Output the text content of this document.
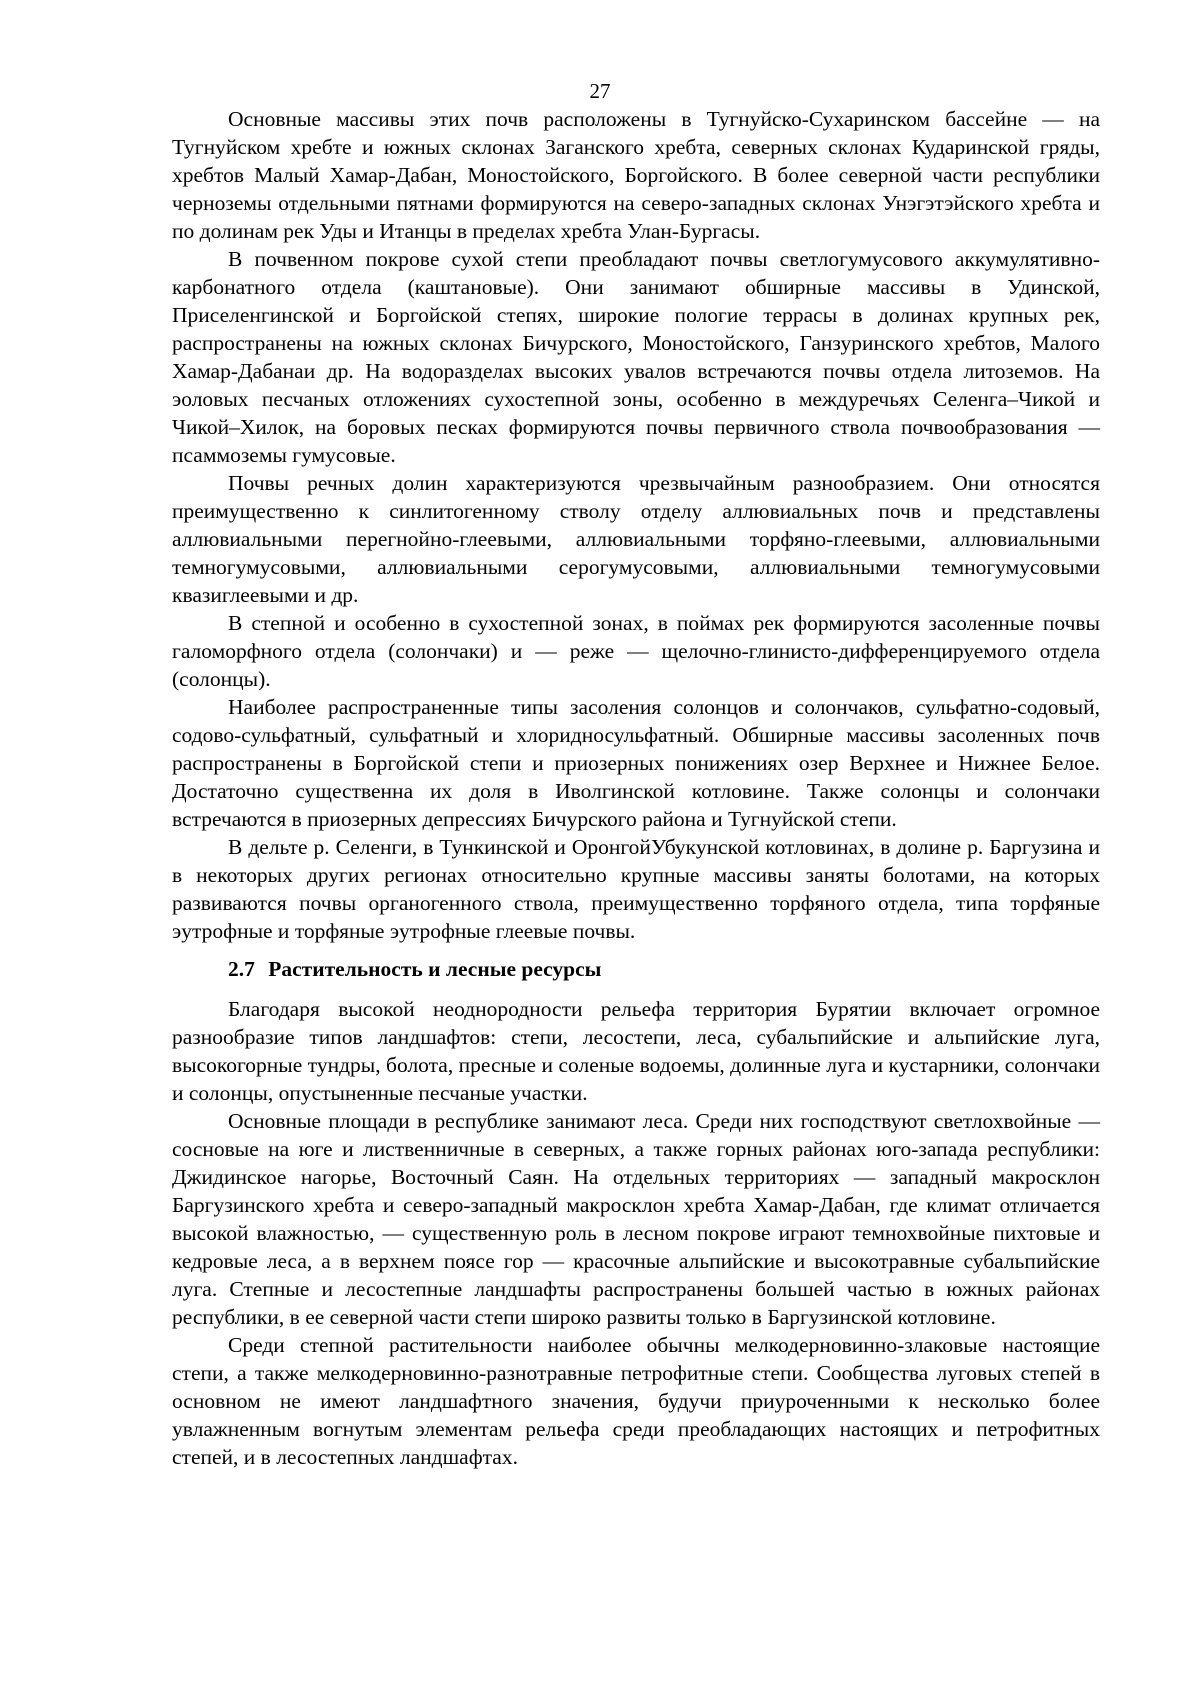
27

Основные массивы этих почв расположены в Тугнуйско-Сухаринском бассейне — на Тугнуйском хребте и южных склонах Заганского хребта, северных склонах Кударинской гряды, хребтов Малый Хамар-Дабан, Моностойского, Боргойского. В более северной части республики черноземы отдельными пятнами формируются на северо-западных склонах Унэгэтэйского хребта и по долинам рек Уды и Итанцы в пределах хребта Улан-Бургасы.

В почвенном покрове сухой степи преобладают почвы светлогумусового аккумулятивно-карбонатного отдела (каштановые). Они занимают обширные массивы в Удинской, Приселенгинской и Боргойской степях, широкие пологие террасы в долинах крупных рек, распространены на южных склонах Бичурского, Моностойского, Ганзуринского хребтов, Малого Хамар-Дабанаи др. На водоразделах высоких увалов встречаются почвы отдела литоземов. На эоловых песчаных отложениях сухостепной зоны, особенно в междуречьях Селенга–Чикой и Чикой–Хилок, на боровых песках формируются почвы первичного ствола почвообразования — псаммоземы гумусовые.

Почвы речных долин характеризуются чрезвычайным разнообразием. Они относятся преимущественно к синлитогенному стволу отделу аллювиальных почв и представлены аллювиальными перегнойно-глеевыми, аллювиальными торфяно-глеевыми, аллювиальными темногумусовыми, аллювиальными серогумусовыми, аллювиальными темногумусовыми квазиглеевыми и др.

В степной и особенно в сухостепной зонах, в поймах рек формируются засоленные почвы галоморфного отдела (солончаки) и — реже — щелочно-глинисто-дифференцируемого отдела (солонцы).

Наиболее распространенные типы засоления солонцов и солончаков, сульфатно-содовый, содово-сульфатный, сульфатный и хлоридносульфатный. Обширные массивы засоленных почв распространены в Боргойской степи и приозерных понижениях озер Верхнее и Нижнее Белое. Достаточно существенна их доля в Иволгинской котловине. Также солонцы и солончаки встречаются в приозерных депрессиях Бичурского района и Тугнуйской степи.

В дельте р. Селенги, в Тункинской и ОронгойУбукунской котловинах, в долине р. Баргузина и в некоторых других регионах относительно крупные массивы заняты болотами, на которых развиваются почвы органогенного ствола, преимущественно торфяного отдела, типа торфяные эутрофные и торфяные эутрофные глеевые почвы.

2.7 Растительность и лесные ресурсы

Благодаря высокой неоднородности рельефа территория Бурятии включает огромное разнообразие типов ландшафтов: степи, лесостепи, леса, субальпийские и альпийские луга, высокогорные тундры, болота, пресные и соленые водоемы, долинные луга и кустарники, солончаки и солонцы, опустыненные песчаные участки.

Основные площади в республике занимают леса. Среди них господствуют светлохвойные — сосновые на юге и лиственничные в северных, а также горных районах юго-запада республики: Джидинское нагорье, Восточный Саян. На отдельных территориях — западный макросклон Баргузинского хребта и северо-западный макросклон хребта Хамар-Дабан, где климат отличается высокой влажностью, — существенную роль в лесном покрове играют темнохвойные пихтовые и кедровые леса, а в верхнем поясе гор — красочные альпийские и высокотравные субальпийские луга. Степные и лесостепные ландшафты распространены большей частью в южных районах республики, в ее северной части степи широко развиты только в Баргузинской котловине.

Среди степной растительности наиболее обычны мелкодерновинно-злаковые настоящие степи, а также мелкодерновинно-разнотравные петрофитные степи. Сообщества луговых степей в основном не имеют ландшафтного значения, будучи приуроченными к несколько более увлажненным вогнутым элементам рельефа среди преобладающих настоящих и петрофитных степей, и в лесостепных ландшафтах.
